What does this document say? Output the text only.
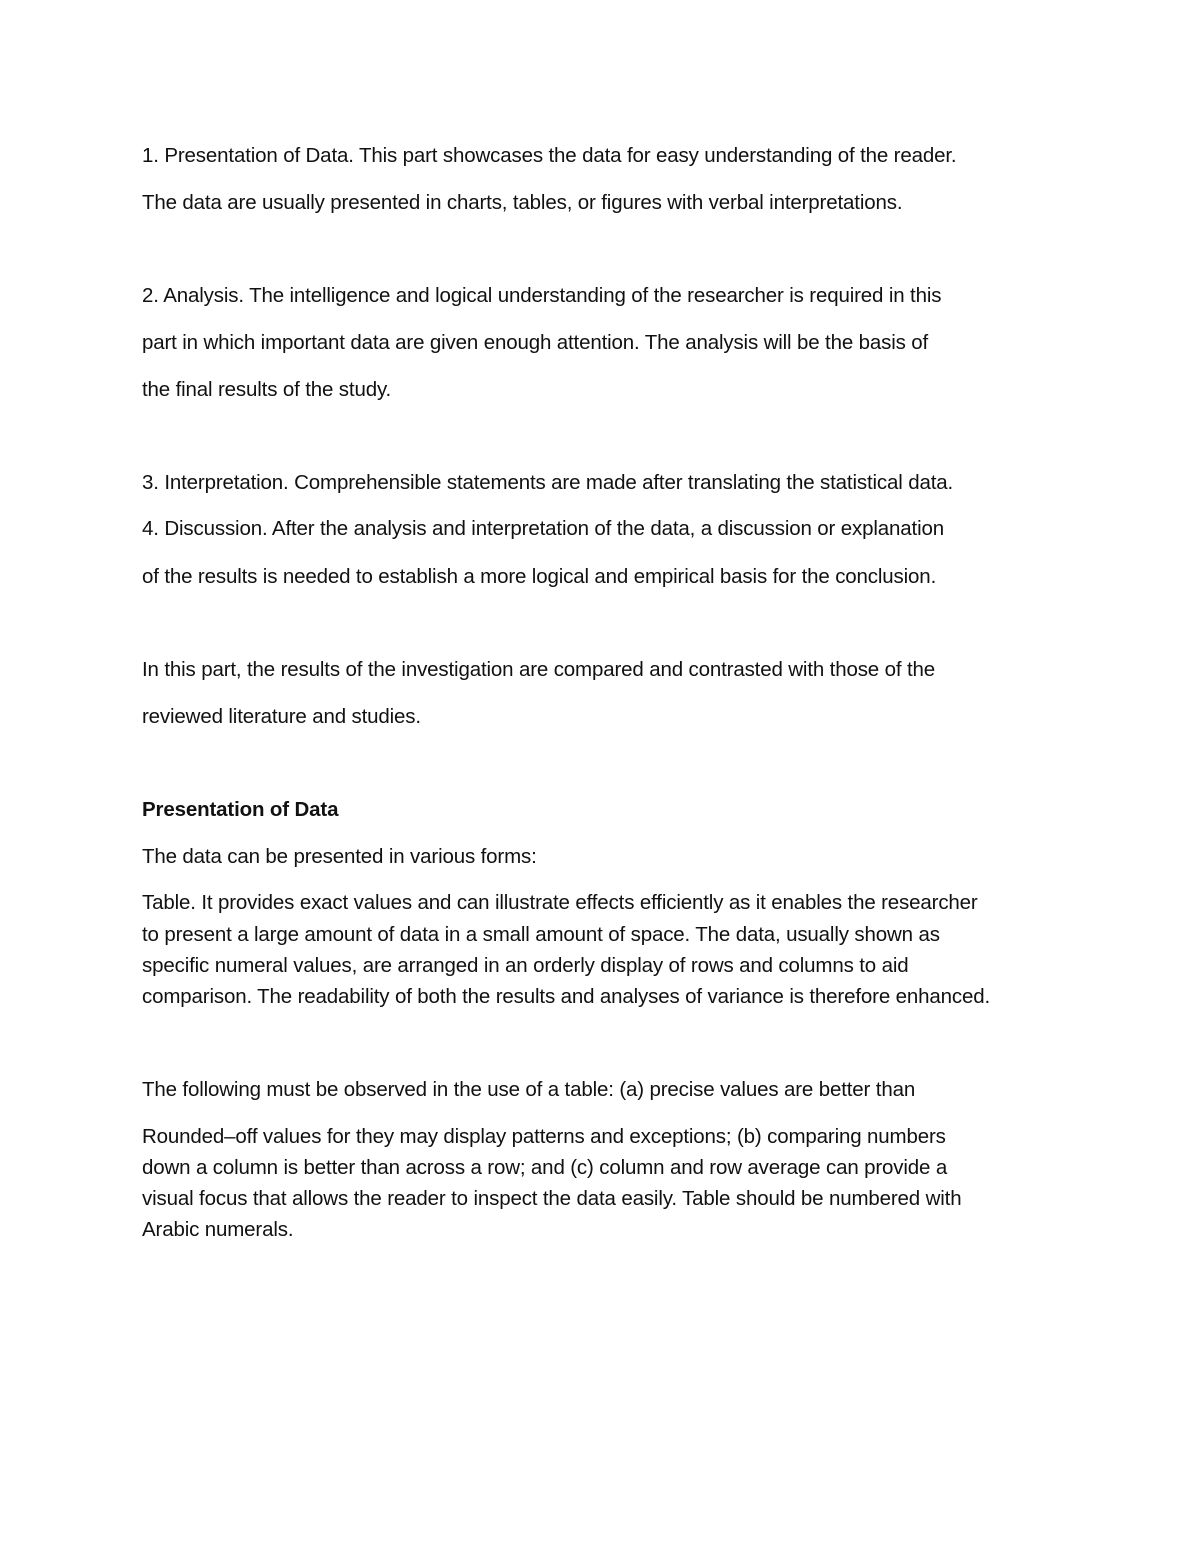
1. Presentation of Data. This part showcases the data for easy understanding of the reader.

The data are usually presented in charts, tables, or figures with verbal interpretations.

2. Analysis. The intelligence and logical understanding of the researcher is required in this

part in which important data are given enough attention. The analysis will be the basis of

the final results of the study.

3. Interpretation. Comprehensible statements are made after translating the statistical data.

4. Discussion. After the analysis and interpretation of the data, a discussion or explanation

of the results is needed to establish a more logical and empirical basis for the conclusion.

In this part, the results of the investigation are compared and contrasted with those of the

reviewed literature and studies.

Presentation of Data

The data can be presented in various forms:

Table. It provides exact values and can illustrate effects efficiently as it enables the researcher

to present a large amount of data in a small amount of space. The data, usually shown as

specific numeral values, are arranged in an orderly display of rows and columns to aid

comparison. The readability of both the results and analyses of variance is therefore enhanced.

The following must be observed in the use of a table: (a) precise values are better than

Rounded–off values for they may display patterns and exceptions; (b) comparing numbers

down a column is better than across a row; and (c) column and row average can provide a

visual focus that allows the reader to inspect the data easily. Table should be numbered with

Arabic numerals.
